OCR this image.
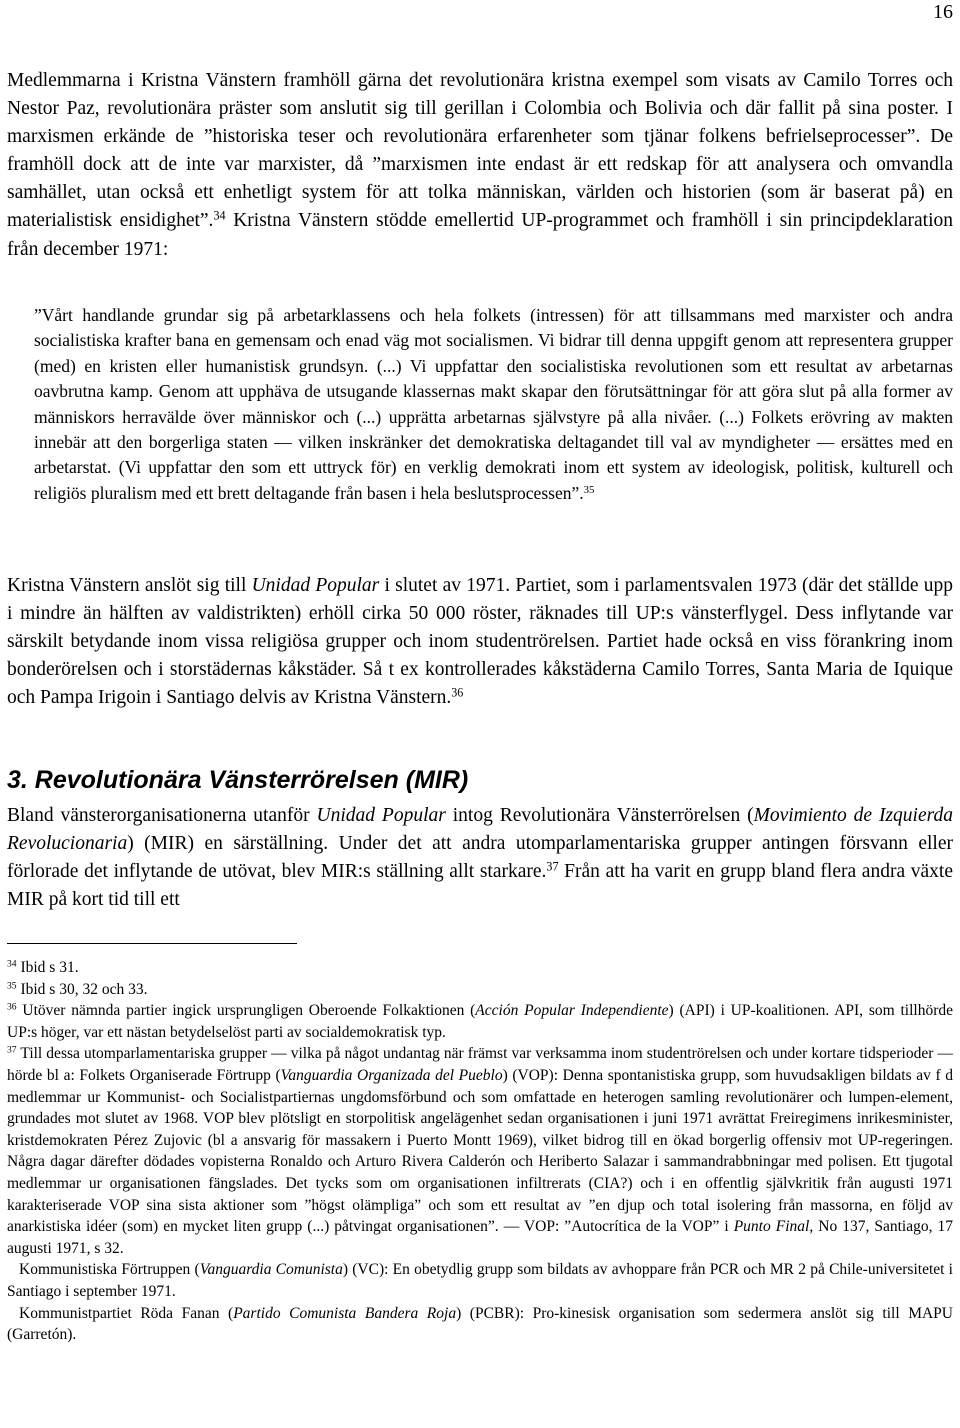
16

Medlemmarna i Kristna Vänstern framhöll gärna det revolutionära kristna exempel som visats av Camilo Torres och Nestor Paz, revolutionära präster som anslutit sig till gerillan i Colombia och Bolivia och där fallit på sina poster. I marxismen erkände de ”historiska teser och revolutionära erfarenheter som tjänar folkens befrielseprocesser”. De framhöll dock att de inte var marxister, då ”marxismen inte endast är ett redskap för att analysera och omvandla samhället, utan också ett enhetligt system för att tolka människan, världen och historien (som är baserat på) en materialistisk ensidighet”.$^{34}$ Kristna Vänstern stödde emellertid UP-programmet och framhöll i sin principdeklaration från december 1971:

”Vårt handlande grundar sig på arbetarklassens och hela folkets (intressen) för att tillsammans med marxister och andra socialistiska krafter bana en gemensam och enad väg mot socialismen. Vi bidrar till denna uppgift genom att representera grupper (med) en kristen eller humanistisk grundsyn. (...) Vi uppfattar den socialistiska revolutionen som ett resultat av arbetarnas oavbrutna kamp. Genom att upphäva de utsugande klassernas makt skapar den förutsättningar för att göra slut på alla former av människors herravälde över människor och (...) upprätta arbetarnas självstyre på alla nivåer. (...) Folkets erövring av makten innebär att den borgerliga staten — vilken inskränker det demokratiska deltagandet till val av myndigheter — ersättes med en arbetarstat. (Vi uppfattar den som ett uttryck för) en verklig demokrati inom ett system av ideologisk, politisk, kulturell och religiös pluralism med ett brett deltagande från basen i hela beslutsprocessen”.$^{35}$

Kristna Vänstern anslöt sig till Unidad Popular i slutet av 1971. Partiet, som i parlamentsvalen 1973 (där det ställde upp i mindre än hälften av valdistrikten) erhöll cirka 50 000 röster, räknades till UP:s vänsterflygel. Dess inflytande var särskilt betydande inom vissa religiösa grupper och inom studentrörelsen. Partiet hade också en viss förankring inom bonderörelsen och i storstädernas kåkstäder. Så t ex kontrollerades kåkstäderna Camilo Torres, Santa Maria de Iquique och Pampa Irigoin i Santiago delvis av Kristna Vänstern.$^{36}$

3. Revolutionära Vänsterrörelsen (MIR)

Bland vänsterorganisationerna utanför Unidad Popular intog Revolutionära Vänsterrörelsen (Movimiento de Izquierda Revolucionaria) (MIR) en särställning. Under det att andra utomparlamentariska grupper antingen försvann eller förlorade det inflytande de utövat, blev MIR:s ställning allt starkare.$^{37}$ Från att ha varit en grupp bland flera andra växte MIR på kort tid till ett

$^{34}$ Ibid s 31.

$^{35}$ Ibid s 30, 32 och 33.

$^{36}$ Utöver nämnda partier ingick ursprungligen Oberoende Folkaktionen (Acción Popular Independiente) (API) i UP-koalitionen. API, som tillhörde UP:s höger, var ett nästan betydelselöst parti av socialdemokratisk typ.

$^{37}$ Till dessa utomparlamentariska grupper — vilka på något undantag när främst var verksamma inom studentrörelsen och under kortare tidsperioder — hörde bl a: Folkets Organiserade Förtrupp (Vanguardia Organizada del Pueblo) (VOP): Denna spontanistiska grupp, som huvudsakligen bildats av f d medlemmar ur Kommunist- och Socialistpartiernas ungdomsförbund och som omfattade en heterogen samling revolutionärer och lumpen-element, grundades mot slutet av 1968. VOP blev plötsligt en storpolitisk angelägenhet sedan organisationen i juni 1971 avrättat Freiregimens inrikesminister, kristdemokraten Pérez Zujovic (bl a ansvarig för massakern i Puerto Montt 1969), vilket bidrog till en ökad borgerlig offensiv mot UP-regeringen. Några dagar därefter dödades vopisterna Ronaldo och Arturo Rivera Calderón och Heriberto Salazar i sammandrabbningar med polisen. Ett tjugotal medlemmar ur organisationen fängslades. Det tycks som om organisationen infiltrerats (CIA?) och i en offentlig självkritik från augusti 1971 karakteriserade VOP sina sista aktioner som ”högst olämpliga” och som ett resultat av ”en djup och total isolering från massorna, en följd av anarkistiska idéer (som) en mycket liten grupp (...) påtvingat organisationen”. — VOP: ”Autocrítica de la VOP” i Punto Final, No 137, Santiago, 17 augusti 1971, s 32.

Kommunistiska Förtruppen (Vanguardia Comunista) (VC): En obetydlig grupp som bildats av avhoppare från PCR och MR 2 på Chile-universitetet i Santiago i september 1971.

Kommunistpartiet Röda Fanan (Partido Comunista Bandera Roja) (PCBR): Pro-kinesisk organisation som sedermera anslöt sig till MAPU (Garretón).
